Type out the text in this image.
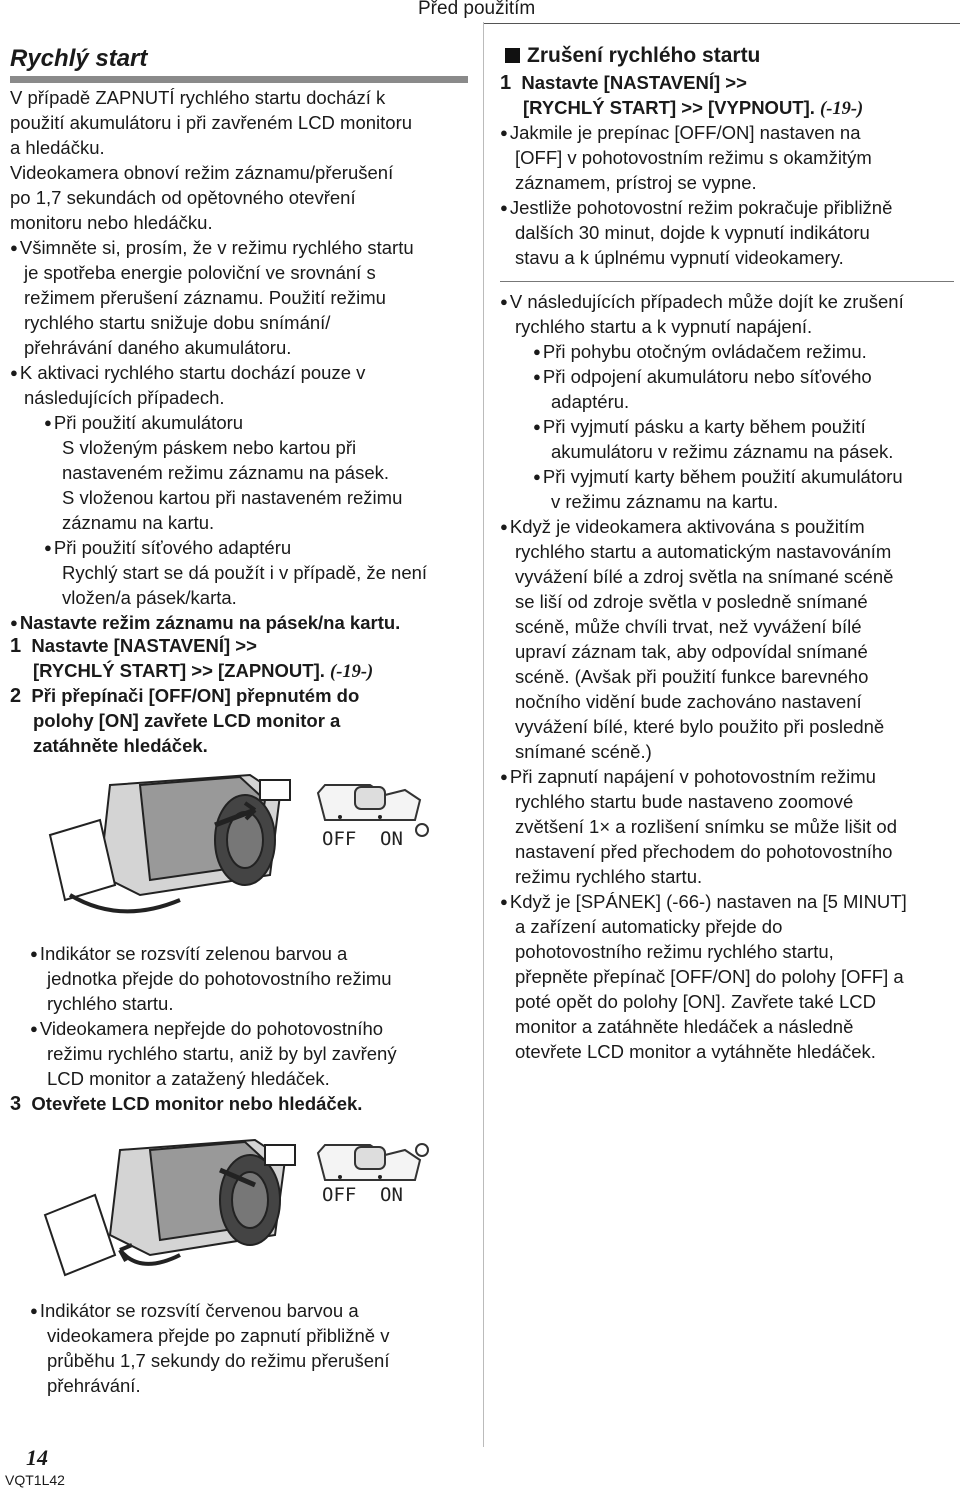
Před použitím
Rychlý start
V případě ZAPNUTÍ rychlého startu dochází k
použití akumulátoru i při zavřeném LCD monitoru
a hledáčku.
Videokamera obnoví režim záznamu/přerušení
po 1,7 sekundách od opětovného otevření
monitoru nebo hledáčku.
● Všimněte si, prosím, že v režimu rychlého startu
je spotřeba energie poloviční ve srovnání s
režimem přerušení záznamu. Použití režimu
rychlého startu snižuje dobu snímání/
přehrávání daného akumulátoru.
● K aktivaci rychlého startu dochází pouze v
následujících případech.
● Při použití akumulátoru
S vloženým páskem nebo kartou při
nastaveném režimu záznamu na pásek.
S vloženou kartou při nastaveném režimu
záznamu na kartu.
● Při použití síťového adaptéru
Rychlý start se dá použít i v případě, že není
vložen/a pásek/karta.
● Nastavte režim záznamu na pásek/na kartu.
1 Nastavte [NASTAVENÍ] >>
[RYCHLÝ START] >> [ZAPNOUT]. (-19-)
2 Při přepínači [OFF/ON] přepnutém do
polohy [ON] zavřete LCD monitor a
zatáhněte hledáček.
OFF ON
● Indikátor se rozsvítí zelenou barvou a
jednotka přejde do pohotovostního režimu
rychlého startu.
● Videokamera nepřejde do pohotovostního
režimu rychlého startu, aniž by byl zavřený
LCD monitor a zatažený hledáček.
3 Otevřete LCD monitor nebo hledáček.
OFF ON
● Indikátor se rozsvítí červenou barvou a
videokamera přejde po zapnutí přibližně v
průběhu 1,7 sekundy do režimu přerušení
přehrávání.
14
VQT1L42
Zrušení rychlého startu
1 Nastavte [NASTAVENÍ] >>
[RYCHLÝ START] >> [VYPNOUT]. (-19-)
● Jakmile je prepínac [OFF/ON] nastaven na
[OFF] v pohotovostním režimu s okamžitým
záznamem, prístroj se vypne.
● Jestliže pohotovostní režim pokračuje přibližně
dalších 30 minut, dojde k vypnutí indikátoru
stavu a k úplnému vypnutí videokamery.
● V následujících případech může dojít ke zrušení
rychlého startu a k vypnutí napájení.
● Při pohybu otočným ovládačem režimu.
● Při odpojení akumulátoru nebo síťového
adaptéru.
● Při vyjmutí pásku a karty během použití
akumulátoru v režimu záznamu na pásek.
● Při vyjmutí karty během použití akumulátoru
v režimu záznamu na kartu.
● Když je videokamera aktivována s použitím
rychlého startu a automatickým nastavováním
vyvážení bílé a zdroj světla na snímané scéně
se liší od zdroje světla v posledně snímané
scéně, může chvíli trvat, než vyvážení bílé
upraví záznam tak, aby odpovídal snímané
scéně. (Avšak při použití funkce barevného
nočního vidění bude zachováno nastavení
vyvážení bílé, které bylo použito při posledně
snímané scéně.)
● Při zapnutí napájení v pohotovostním režimu
rychlého startu bude nastaveno zoomové
zvětšení 1× a rozlišení snímku se může lišit od
nastavení před přechodem do pohotovostního
režimu rychlého startu.
● Když je [SPÁNEK] (-66-) nastaven na [5 MINUT]
a zařízení automaticky přejde do
pohotovostního režimu rychlého startu,
přepněte přepínač [OFF/ON] do polohy [OFF] a
poté opět do polohy [ON]. Zavřete také LCD
monitor a zatáhněte hledáček a následně
otevřete LCD monitor a vytáhněte hledáček.
